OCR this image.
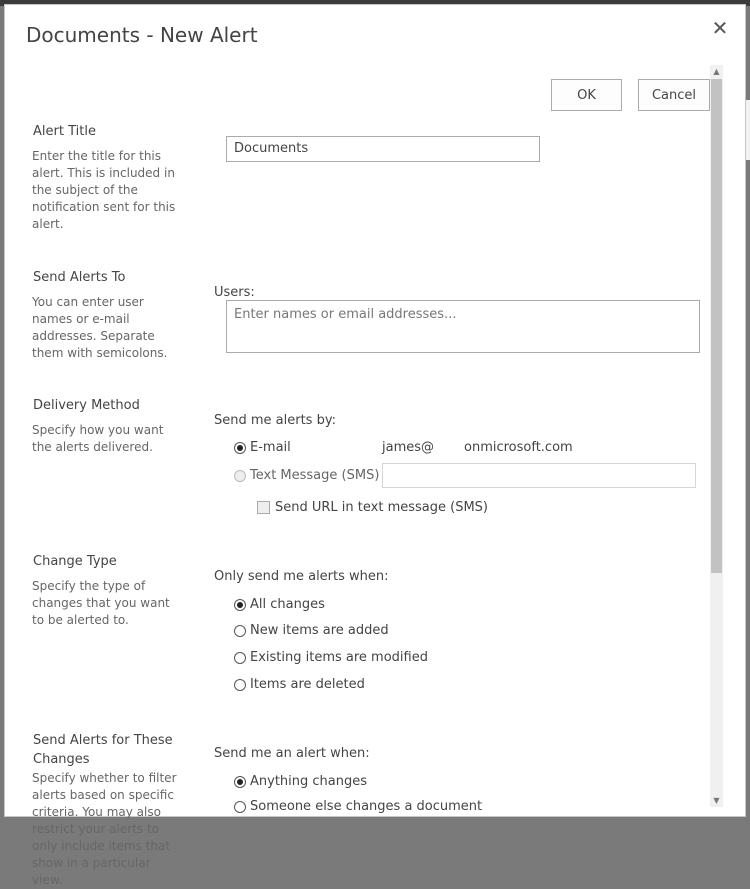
Documents - New Alert	✕
OK	Cancel
Alert Title
Enter the title for this alert. This is included in the subject of the notification sent for this alert.
Documents
Send Alerts To
You can enter user names or e-mail addresses. Separate them with semicolons.
Users:
Enter names or email addresses...
Delivery Method
Specify how you want the alerts delivered.
Send me alerts by:
E-mail	james@ onmicrosoft.com
Text Message (SMS)
Send URL in text message (SMS)
Change Type
Specify the type of changes that you want to be alerted to.
Only send me alerts when:
All changes
New items are added
Existing items are modified
Items are deleted
Send Alerts for These Changes
Specify whether to filter alerts based on specific criteria. You may also restrict your alerts to only include items that show in a particular view.
Send me an alert when:
Anything changes
Someone else changes a document
▲
▼
